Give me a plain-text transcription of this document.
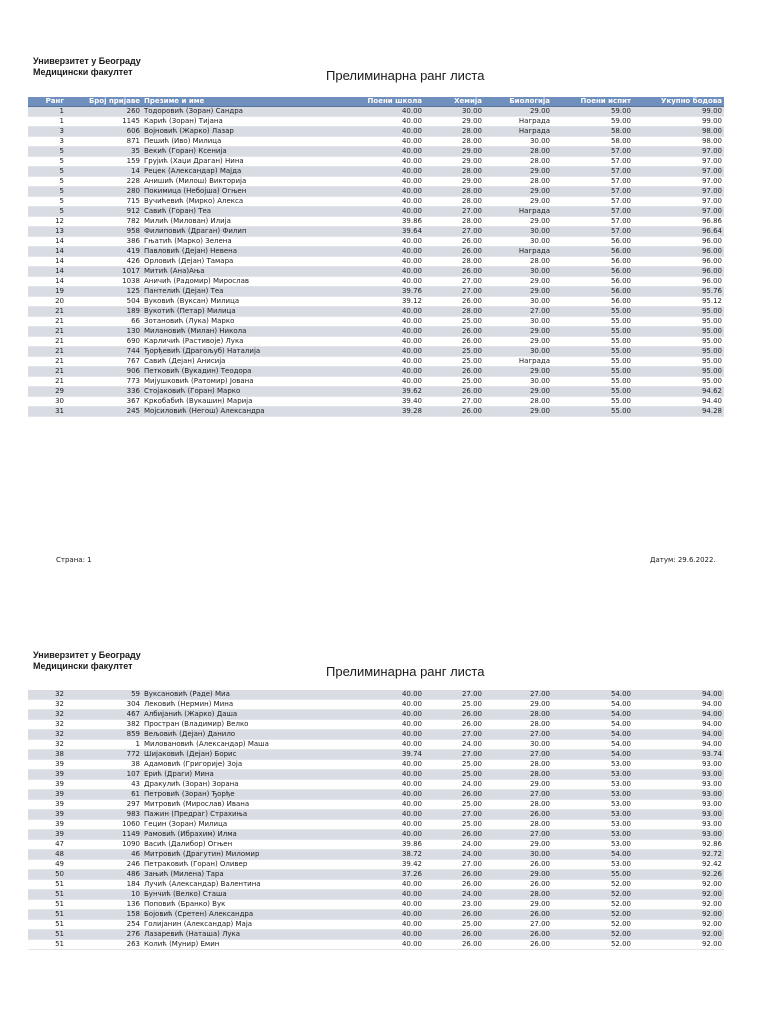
Универзитет у Београду
Медицински факултет	Прелиминарна ранг листа
Ранг	Број пријаве	Презиме и име	Поени школа	Хемија	Биологија	Поени испит	Укупно бодова
1	260	Тодоровић (Зоран) Сандра	40.00	30.00	29.00	59.00	99.00
1	1145	Карић (Зоран) Тијана	40.00	29.00	Награда	59.00	99.00
3	606	Војновић (Жарко) Лазар	40.00	28.00	Награда	58.00	98.00
3	871	Пешић (Иво) Милица	40.00	28.00	30.00	58.00	98.00
5	35	Векић (Горан) Ксенија	40.00	29.00	28.00	57.00	97.00
5	159	Грујић (Хаџи Драган) Нина	40.00	29.00	28.00	57.00	97.00
5	14	Рецек (Александар) Мајда	40.00	28.00	29.00	57.00	97.00
5	228	Анишић (Милош) Викторија	40.00	29.00	28.00	57.00	97.00
5	280	Покимица (Небојша) Огњен	40.00	28.00	29.00	57.00	97.00
5	715	Вучићевић (Мирко) Алекса	40.00	28.00	29.00	57.00	97.00
5	912	Савић (Горан) Теа	40.00	27.00	Награда	57.00	97.00
12	782	Милић (Милован) Илија	39.86	28.00	29.00	57.00	96.86
13	958	Филиповић (Драган) Филип	39.64	27.00	30.00	57.00	96.64
14	386	Гњатић (Марко) Зелена	40.00	26.00	30.00	56.00	96.00
14	419	Павловић (Дејан) Невена	40.00	26.00	Награда	56.00	96.00
14	426	Орловић (Дејан) Тамара	40.00	28.00	28.00	56.00	96.00
14	1017	Митић (Ана)Ања	40.00	26.00	30.00	56.00	96.00
14	1038	Аничић (Радомир) Мирослав	40.00	27.00	29.00	56.00	96.00
19	125	Пантелић (Дејан) Теа	39.76	27.00	29.00	56.00	95.76
20	504	Вуковић (Вуксан) Милица	39.12	26.00	30.00	56.00	95.12
21	189	Вукотић (Петар) Милица	40.00	28.00	27.00	55.00	95.00
21	66	Зотановић (Лука) Марко	40.00	25.00	30.00	55.00	95.00
21	130	Милановић (Милан) Никола	40.00	26.00	29.00	55.00	95.00
21	690	Карличић (Растивоје) Лука	40.00	26.00	29.00	55.00	95.00
21	744	Ђорђевић (Драгољуб) Наталија	40.00	25.00	30.00	55.00	95.00
21	767	Савић (Дејан) Анисија	40.00	25.00	Награда	55.00	95.00
21	906	Петковић (Вукадин) Теодора	40.00	26.00	29.00	55.00	95.00
21	773	Мијушковић (Ратомир) Јована	40.00	25.00	30.00	55.00	95.00
29	336	Стојаковић (Горан) Марко	39.62	26.00	29.00	55.00	94.62
30	367	Кркобабић (Вукашин) Марија	39.40	27.00	28.00	55.00	94.40
31	245	Мојсиловић (Негош) Александра	39.28	26.00	29.00	55.00	94.28
Страна: 1	Датум: 29.6.2022.
Универзитет у Београду
Медицински факултет	Прелиминарна ранг листа
32	59	Вуксановић (Раде) Миа	40.00	27.00	27.00	54.00	94.00
32	304	Лековић (Нермин) Мина	40.00	25.00	29.00	54.00	94.00
32	467	Албијанић (Жарко) Даша	40.00	26.00	28.00	54.00	94.00
32	382	Простран (Владимир) Велко	40.00	26.00	28.00	54.00	94.00
32	859	Вељовић (Дејан) Данило	40.00	27.00	27.00	54.00	94.00
32	1	Миловановић (Александар) Маша	40.00	24.00	30.00	54.00	94.00
38	772	Шијаковић (Дејан) Борис	39.74	27.00	27.00	54.00	93.74
39	38	Адамовић (Григорије) Зоја	40.00	25.00	28.00	53.00	93.00
39	107	Ерић (Драги) Мина	40.00	25.00	28.00	53.00	93.00
39	43	Дракулић (Зоран) Зорана	40.00	24.00	29.00	53.00	93.00
39	61	Петровић (Зоран) Ђорђе	40.00	26.00	27.00	53.00	93.00
39	297	Митровић (Мирослав) Ивана	40.00	25.00	28.00	53.00	93.00
39	983	Пажин (Предраг) Страхиња	40.00	27.00	26.00	53.00	93.00
39	1060	Гецин (Зоран) Милица	40.00	25.00	28.00	53.00	93.00
39	1149	Рамовић (Ибрахим) Илма	40.00	26.00	27.00	53.00	93.00
47	1090	Васић (Далибор) Огњен	39.86	24.00	29.00	53.00	92.86
48	46	Митровић (Драгутин) Миломир	38.72	24.00	30.00	54.00	92.72
49	246	Петраковић (Горан) Оливер	39.42	27.00	26.00	53.00	92.42
50	486	Зањић (Милена) Тара	37.26	26.00	29.00	55.00	92.26
51	184	Лучић (Александар) Валентина	40.00	26.00	26.00	52.00	92.00
51	10	Бунчић (Велко) Сташа	40.00	24.00	28.00	52.00	92.00
51	136	Поповић (Бранко) Вук	40.00	23.00	29.00	52.00	92.00
51	158	Бојовић (Сретен) Александра	40.00	26.00	26.00	52.00	92.00
51	254	Голијанин (Александар) Маја	40.00	25.00	27.00	52.00	92.00
51	276	Лазаревић (Наташа) Лука	40.00	26.00	26.00	52.00	92.00
51	263	Колић (Мунир) Емин	40.00	26.00	26.00	52.00	92.00
